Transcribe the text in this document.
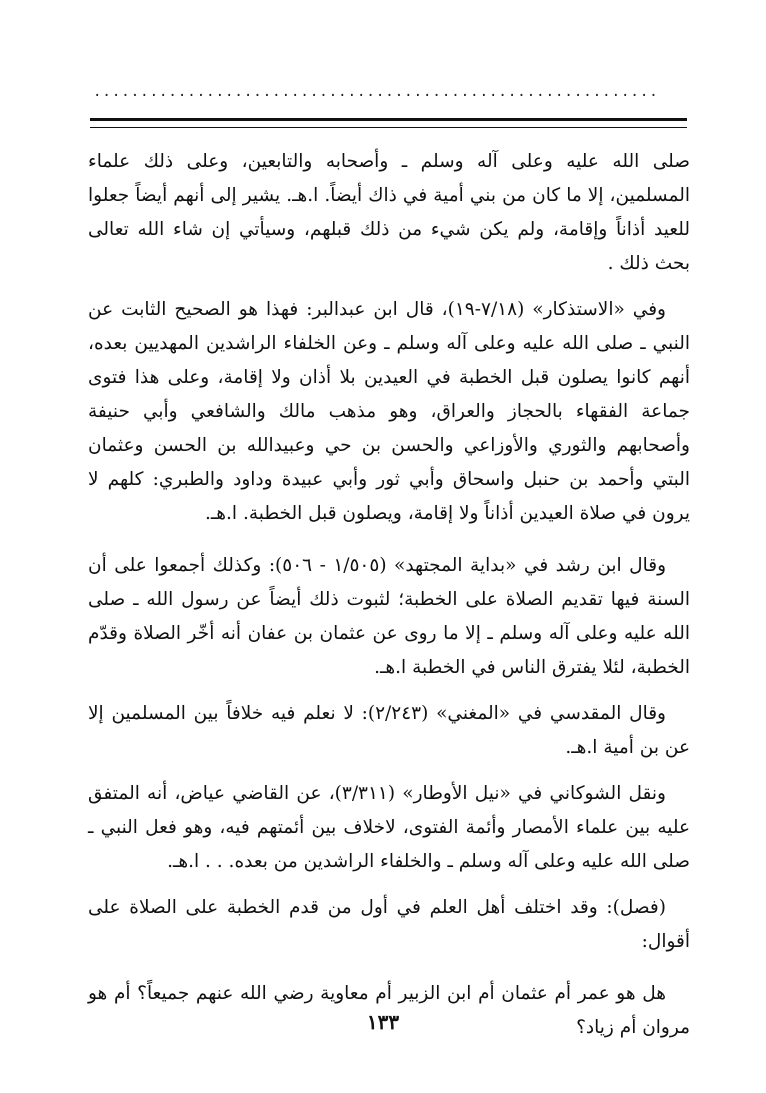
............................................................

صلى الله عليه وعلى آله وسلم ـ وأصحابه والتابعين، وعلى ذلك علماء المسلمين، إلا ما كان من بني أمية في ذاك أيضاً. ا.هـ. يشير إلى أنهم أيضاً جعلوا للعيد أذاناً وإقامة، ولم يكن شيء من ذلك قبلهم، وسيأتي إن شاء الله تعالى بحث ذلك .

وفي «الاستذكار» (٧/١٨-١٩)، قال ابن عبدالبر: فهذا هو الصحيح الثابت عن النبي ـ صلى الله عليه وعلى آله وسلم ـ وعن الخلفاء الراشدين المهديين بعده، أنهم كانوا يصلون قبل الخطبة في العيدين بلا أذان ولا إقامة، وعلى هذا فتوى جماعة الفقهاء بالحجاز والعراق، وهو مذهب مالك والشافعي وأبي حنيفة وأصحابهم والثوري والأوزاعي والحسن بن حي وعبيدالله بن الحسن وعثمان البتي وأحمد بن حنبل واسحاق وأبي ثور وأبي عبيدة وداود والطبري: كلهم لا يرون في صلاة العيدين أذاناً ولا إقامة، ويصلون قبل الخطبة. ا.هـ.

وقال ابن رشد في «بداية المجتهد» (١/٥٠٥ - ٥٠٦): وكذلك أجمعوا على أن السنة فيها تقديم الصلاة على الخطبة؛ لثبوت ذلك أيضاً عن رسول الله ـ صلى الله عليه وعلى آله وسلم ـ إلا ما روى عن عثمان بن عفان أنه أخّر الصلاة وقدّم الخطبة، لئلا يفترق الناس في الخطبة ا.هـ.

وقال المقدسي في «المغني» (٢/٢٤٣): لا نعلم فيه خلافاً بين المسلمين إلا عن بن أمية ا.هـ.

ونقل الشوكاني في «نيل الأوطار» (٣/٣١١)، عن القاضي عياض، أنه المتفق عليه بين علماء الأمصار وأئمة الفتوى، لاخلاف بين أئمتهم فيه، وهو فعل النبي ـ صلى الله عليه وعلى آله وسلم ـ والخلفاء الراشدين من بعده. . . ا.هـ.

(فصل): وقد اختلف أهل العلم في أول من قدم الخطبة على الصلاة على أقوال:

هل هو عمر أم عثمان أم ابن الزبير أم معاوية رضي الله عنهم جميعاً؟ أم هو مروان أم زياد؟

١٣٣
